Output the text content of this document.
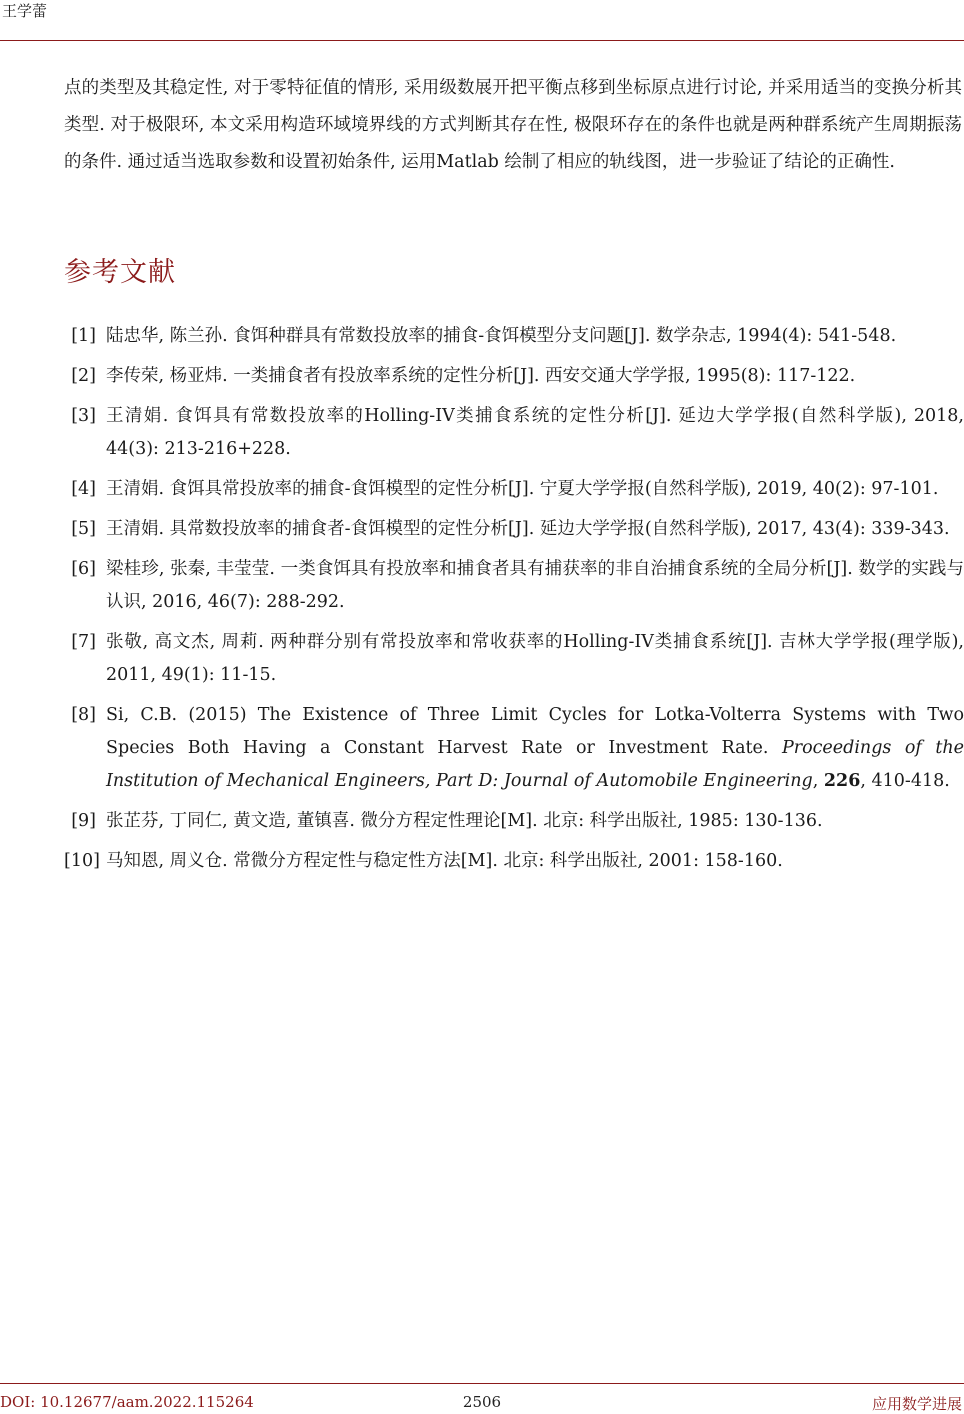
王学蕾

点的类型及其稳定性, 对于零特征值的情形, 采用级数展开把平衡点移到坐标原点进行讨论, 并采用适当的变换分析其类型. 对于极限环, 本文采用构造环域境界线的方式判断其存在性, 极限环存在的条件也就是两种群系统产生周期振荡的条件. 通过适当选取参数和设置初始条件, 运用Matlab 绘制了相应的轨线图，进一步验证了结论的正确性.

参考文献
[1] 陆忠华, 陈兰孙. 食饵种群具有常数投放率的捕食-食饵模型分支问题[J]. 数学杂志, 1994(4): 541-548.
[2] 李传荣, 杨亚炜. 一类捕食者有投放率系统的定性分析[J]. 西安交通大学学报, 1995(8): 117-122.
[3] 王清娟. 食饵具有常数投放率的Holling-IV类捕食系统的定性分析[J]. 延边大学学报(自然科学版), 2018, 44(3): 213-216+228.
[4] 王清娟. 食饵具常投放率的捕食-食饵模型的定性分析[J]. 宁夏大学学报(自然科学版), 2019, 40(2): 97-101.
[5] 王清娟. 具常数投放率的捕食者-食饵模型的定性分析[J]. 延边大学学报(自然科学版), 2017, 43(4): 339-343.
[6] 梁桂珍, 张秦, 丰莹莹. 一类食饵具有投放率和捕食者具有捕获率的非自治捕食系统的全局分析[J]. 数学的实践与认识, 2016, 46(7): 288-292.
[7] 张敬, 高文杰, 周莉. 两种群分别有常投放率和常收获率的Holling-IV类捕食系统[J]. 吉林大学学报(理学版), 2011, 49(1): 11-15.
[8] Si, C.B. (2015) The Existence of Three Limit Cycles for Lotka-Volterra Systems with Two Species Both Having a Constant Harvest Rate or Investment Rate. Proceedings of the Institution of Mechanical Engineers, Part D: Journal of Automobile Engineering, 226, 410-418.
[9] 张芷芬, 丁同仁, 黄文造, 董镇喜. 微分方程定性理论[M]. 北京: 科学出版社, 1985: 130-136.
[10] 马知恩, 周义仓. 常微分方程定性与稳定性方法[M]. 北京: 科学出版社, 2001: 158-160.
DOI: 10.12677/aam.2022.115264	2506	应用数学进展
